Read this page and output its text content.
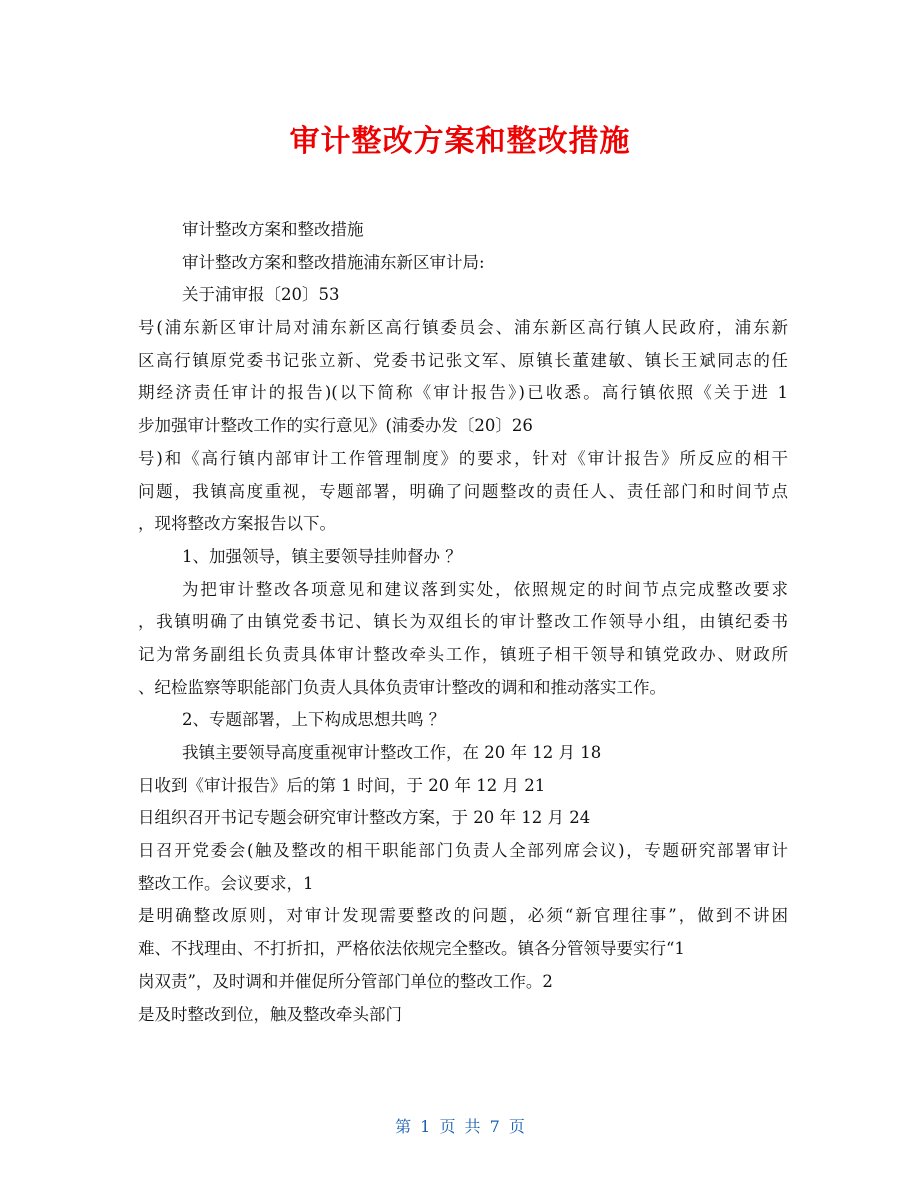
审计整改方案和整改措施
审计整改方案和整改措施
审计整改方案和整改措施浦东新区审计局:
关于浦审报〔20〕53
号(浦东新区审计局对浦东新区高行镇委员会、浦东新区高行镇人民政府，浦东新
区高行镇原党委书记张立新、党委书记张文军、原镇长董建敏、镇长王斌同志的任
期经济责任审计的报告)(以下简称《审计报告》)已收悉。高行镇依照《关于进 1
步加强审计整改工作的实行意见》(浦委办发〔20〕26
号)和《高行镇内部审计工作管理制度》的要求，针对《审计报告》所反应的相干
问题，我镇高度重视，专题部署，明确了问题整改的责任人、责任部门和时间节点
，现将整改方案报告以下。
1、加强领导，镇主要领导挂帅督办 ？
为把审计整改各项意见和建议落到实处，依照规定的时间节点完成整改要求
，我镇明确了由镇党委书记、镇长为双组长的审计整改工作领导小组，由镇纪委书
记为常务副组长负责具体审计整改牵头工作，镇班子相干领导和镇党政办、财政所
、纪检监察等职能部门负责人具体负责审计整改的调和和推动落实工作。
2、专题部署，上下构成思想共鸣 ？
我镇主要领导高度重视审计整改工作，在 20 年 12 月 18
日收到《审计报告》后的第 1 时间，于 20 年 12 月 21
日组织召开书记专题会研究审计整改方案，于 20 年 12 月 24
日召开党委会(触及整改的相干职能部门负责人全部列席会议)，专题研究部署审计
整改工作。会议要求，1
是明确整改原则，对审计发现需要整改的问题，必须“新官理往事”，做到不讲困
难、不找理由、不打折扣，严格依法依规完全整改。镇各分管领导要实行“1
岗双责”，及时调和并催促所分管部门单位的整改工作。2
是及时整改到位，触及整改牵头部门
第 1 页 共 7 页
